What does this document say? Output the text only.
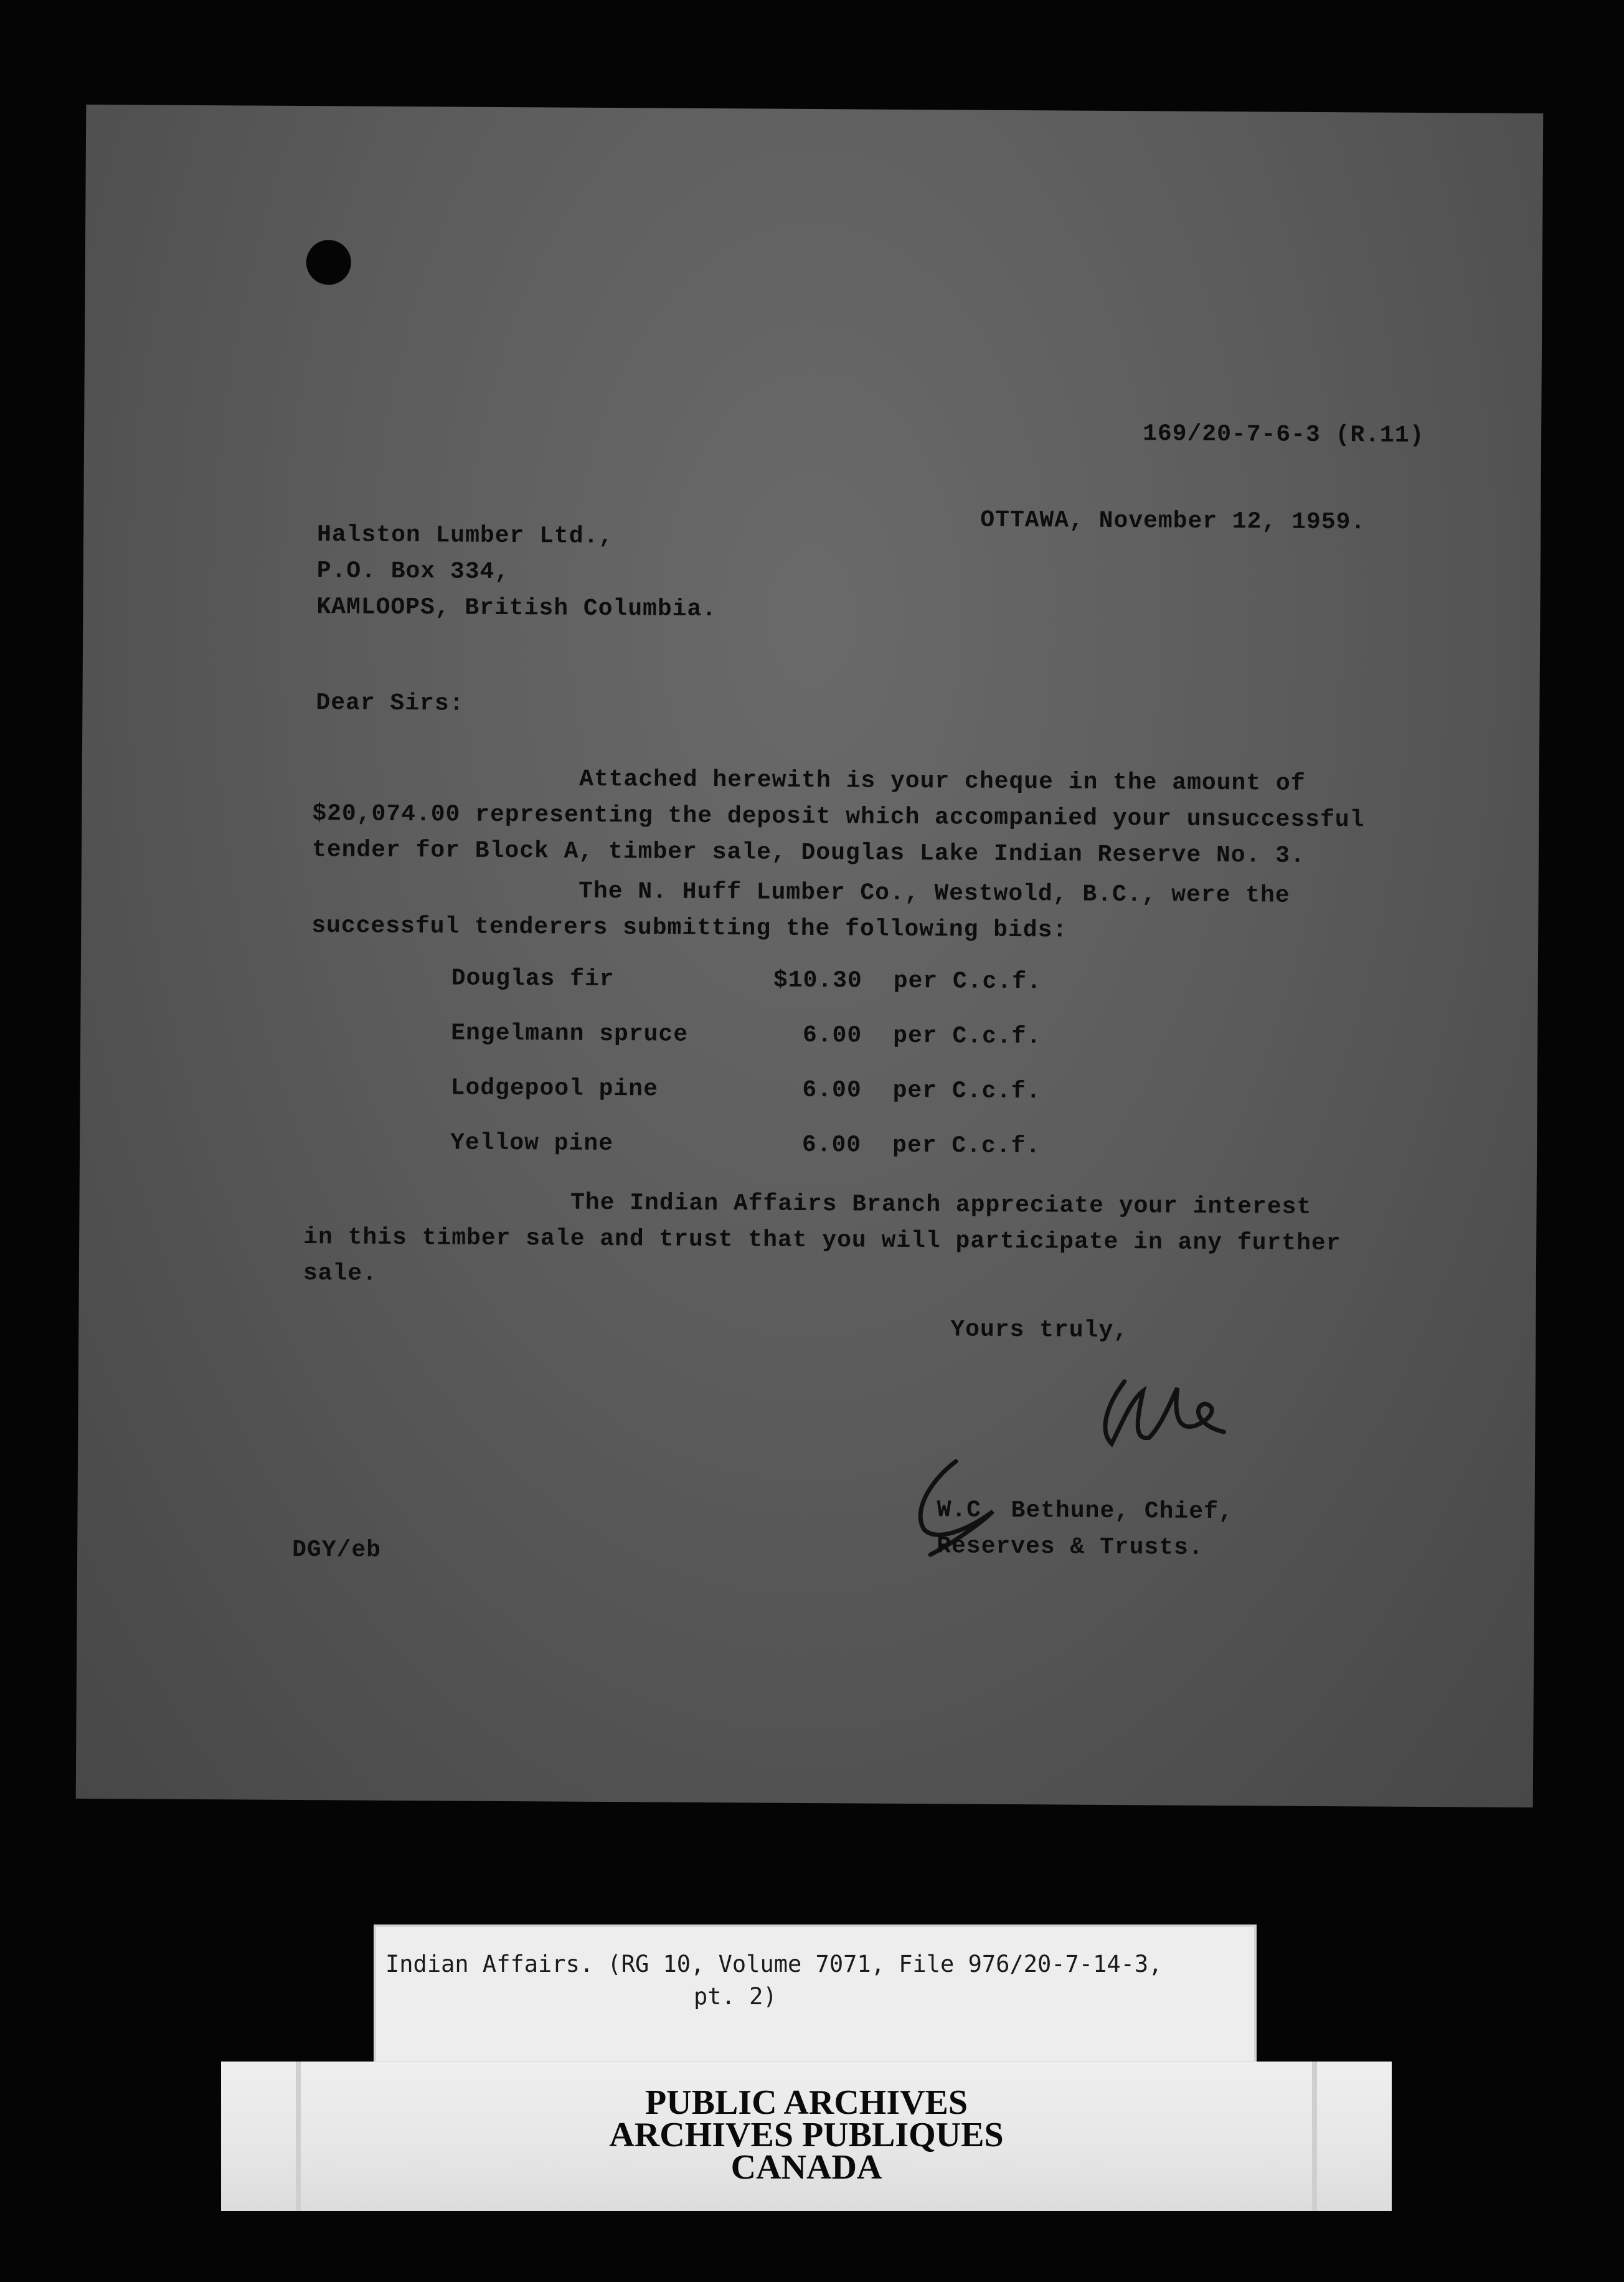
169/20-7-6-3 (R.11)
OTTAWA, November 12, 1959.
Halston Lumber Ltd.,
P.O. Box 334,
KAMLOOPS, British Columbia.
Dear Sirs:
Attached herewith is your cheque in the amount of
$20,074.00 representing the deposit which accompanied your unsuccessful
tender for Block A, timber sale, Douglas Lake Indian Reserve No. 3.
The N. Huff Lumber Co., Westwold, B.C., were the
successful tenderers submitting the following bids:
Douglas fir	$10.30	per C.c.f.
Engelmann spruce	6.00	per C.c.f.
Lodgepool pine	6.00	per C.c.f.
Yellow pine	6.00	per C.c.f.
The Indian Affairs Branch appreciate your interest
in this timber sale and trust that you will participate in any further
sale.
Yours truly,
W.C. Bethune, Chief,
Reserves & Trusts.
DGY/eb
Indian Affairs. (RG 10, Volume 7071, File 976/20-7-14-3,
pt. 2)
PUBLIC ARCHIVES
ARCHIVES PUBLIQUES
CANADA
